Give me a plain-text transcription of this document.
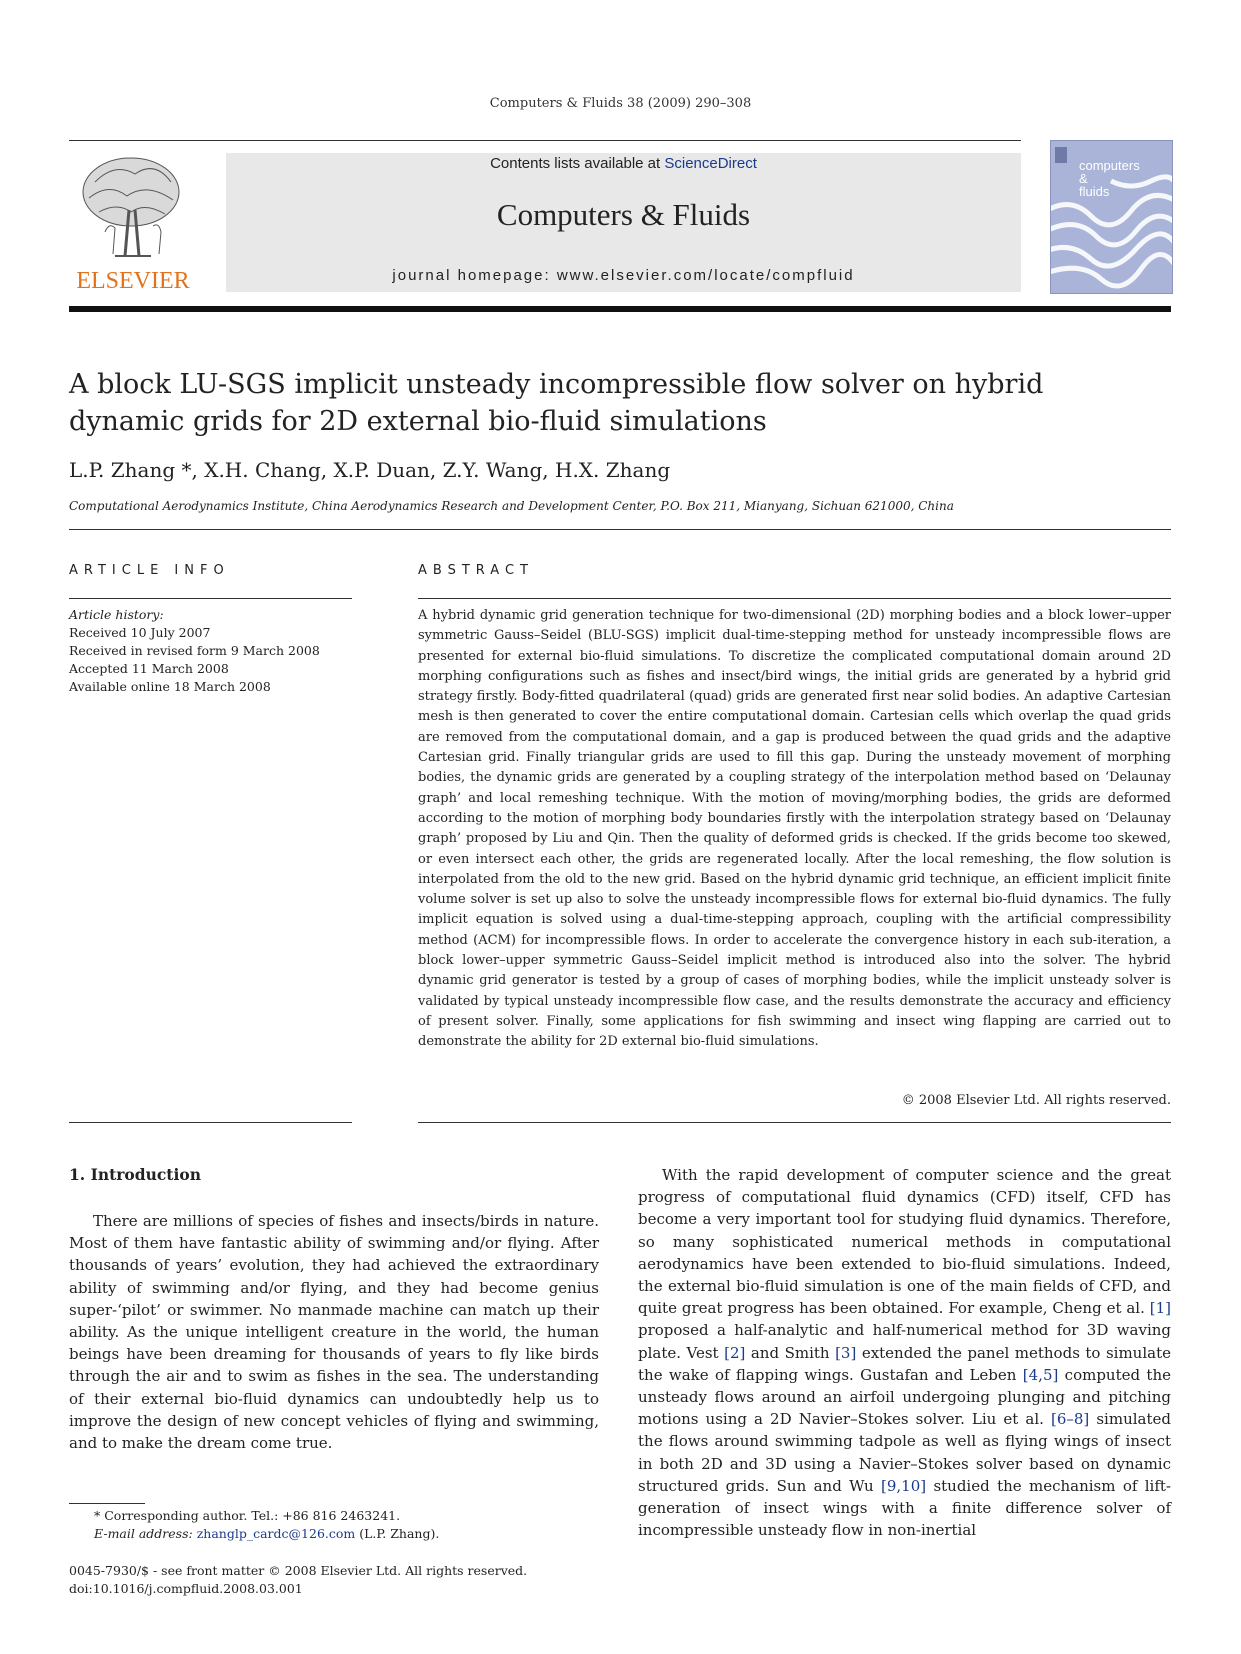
Computers & Fluids 38 (2009) 290–308
ELSEVIER
Contents lists available at ScienceDirect
Computers & Fluids
journal homepage: www.elsevier.com/locate/compfluid
computers
&
fluids
A block LU-SGS implicit unsteady incompressible flow solver on hybrid
dynamic grids for 2D external bio-fluid simulations
L.P. Zhang *, X.H. Chang, X.P. Duan, Z.Y. Wang, H.X. Zhang
Computational Aerodynamics Institute, China Aerodynamics Research and Development Center, P.O. Box 211, Mianyang, Sichuan 621000, China
ARTICLE INFO
Article history:
Received 10 July 2007
Received in revised form 9 March 2008
Accepted 11 March 2008
Available online 18 March 2008
ABSTRACT
A hybrid dynamic grid generation technique for two-dimensional (2D) morphing bodies and a block lower–upper symmetric Gauss–Seidel (BLU-SGS) implicit dual-time-stepping method for unsteady incompressible flows are presented for external bio-fluid simulations. To discretize the complicated computational domain around 2D morphing configurations such as fishes and insect/bird wings, the initial grids are generated by a hybrid grid strategy firstly. Body-fitted quadrilateral (quad) grids are generated first near solid bodies. An adaptive Cartesian mesh is then generated to cover the entire computational domain. Cartesian cells which overlap the quad grids are removed from the computational domain, and a gap is produced between the quad grids and the adaptive Cartesian grid. Finally triangular grids are used to fill this gap. During the unsteady movement of morphing bodies, the dynamic grids are generated by a coupling strategy of the interpolation method based on ‘Delaunay graph’ and local remeshing technique. With the motion of moving/morphing bodies, the grids are deformed according to the motion of morphing body boundaries firstly with the interpolation strategy based on ‘Delaunay graph’ proposed by Liu and Qin. Then the quality of deformed grids is checked. If the grids become too skewed, or even intersect each other, the grids are regenerated locally. After the local remeshing, the flow solution is interpolated from the old to the new grid. Based on the hybrid dynamic grid technique, an efficient implicit finite volume solver is set up also to solve the unsteady incompressible flows for external bio-fluid dynamics. The fully implicit equation is solved using a dual-time-stepping approach, coupling with the artificial compressibility method (ACM) for incompressible flows. In order to accelerate the convergence history in each sub-iteration, a block lower–upper symmetric Gauss–Seidel implicit method is introduced also into the solver. The hybrid dynamic grid generator is tested by a group of cases of morphing bodies, while the implicit unsteady solver is validated by typical unsteady incompressible flow case, and the results demonstrate the accuracy and efficiency of present solver. Finally, some applications for fish swimming and insect wing flapping are carried out to demonstrate the ability for 2D external bio-fluid simulations.
© 2008 Elsevier Ltd. All rights reserved.
1. Introduction

There are millions of species of fishes and insects/birds in nature. Most of them have fantastic ability of swimming and/or flying. After thousands of years’ evolution, they had achieved the extraordinary ability of swimming and/or flying, and they had become genius super-‘pilot’ or swimmer. No manmade machine can match up their ability. As the unique intelligent creature in the world, the human beings have been dreaming for thousands of years to fly like birds through the air and to swim as fishes in the sea. The understanding of their external bio-fluid dynamics can undoubtedly help us to improve the design of new concept vehicles of flying and swimming, and to make the dream come true.

With the rapid development of computer science and the great progress of computational fluid dynamics (CFD) itself, CFD has become a very important tool for studying fluid dynamics. Therefore, so many sophisticated numerical methods in computational aerodynamics have been extended to bio-fluid simulations. Indeed, the external bio-fluid simulation is one of the main fields of CFD, and quite great progress has been obtained. For example, Cheng et al. [1] proposed a half-analytic and half-numerical method for 3D waving plate. Vest [2] and Smith [3] extended the panel methods to simulate the wake of flapping wings. Gustafan and Leben [4,5] computed the unsteady flows around an airfoil undergoing plunging and pitching motions using a 2D Navier–Stokes solver. Liu et al. [6–8] simulated the flows around swimming tadpole as well as flying wings of insect in both 2D and 3D using a Navier–Stokes solver based on dynamic structured grids. Sun and Wu [9,10] studied the mechanism of lift-generation of insect wings with a finite difference solver of incompressible unsteady flow in non-inertial

* Corresponding author. Tel.: +86 816 2463241.
E-mail address: zhanglp_cardc@126.com (L.P. Zhang).
0045-7930/$ - see front matter © 2008 Elsevier Ltd. All rights reserved.
doi:10.1016/j.compfluid.2008.03.001
